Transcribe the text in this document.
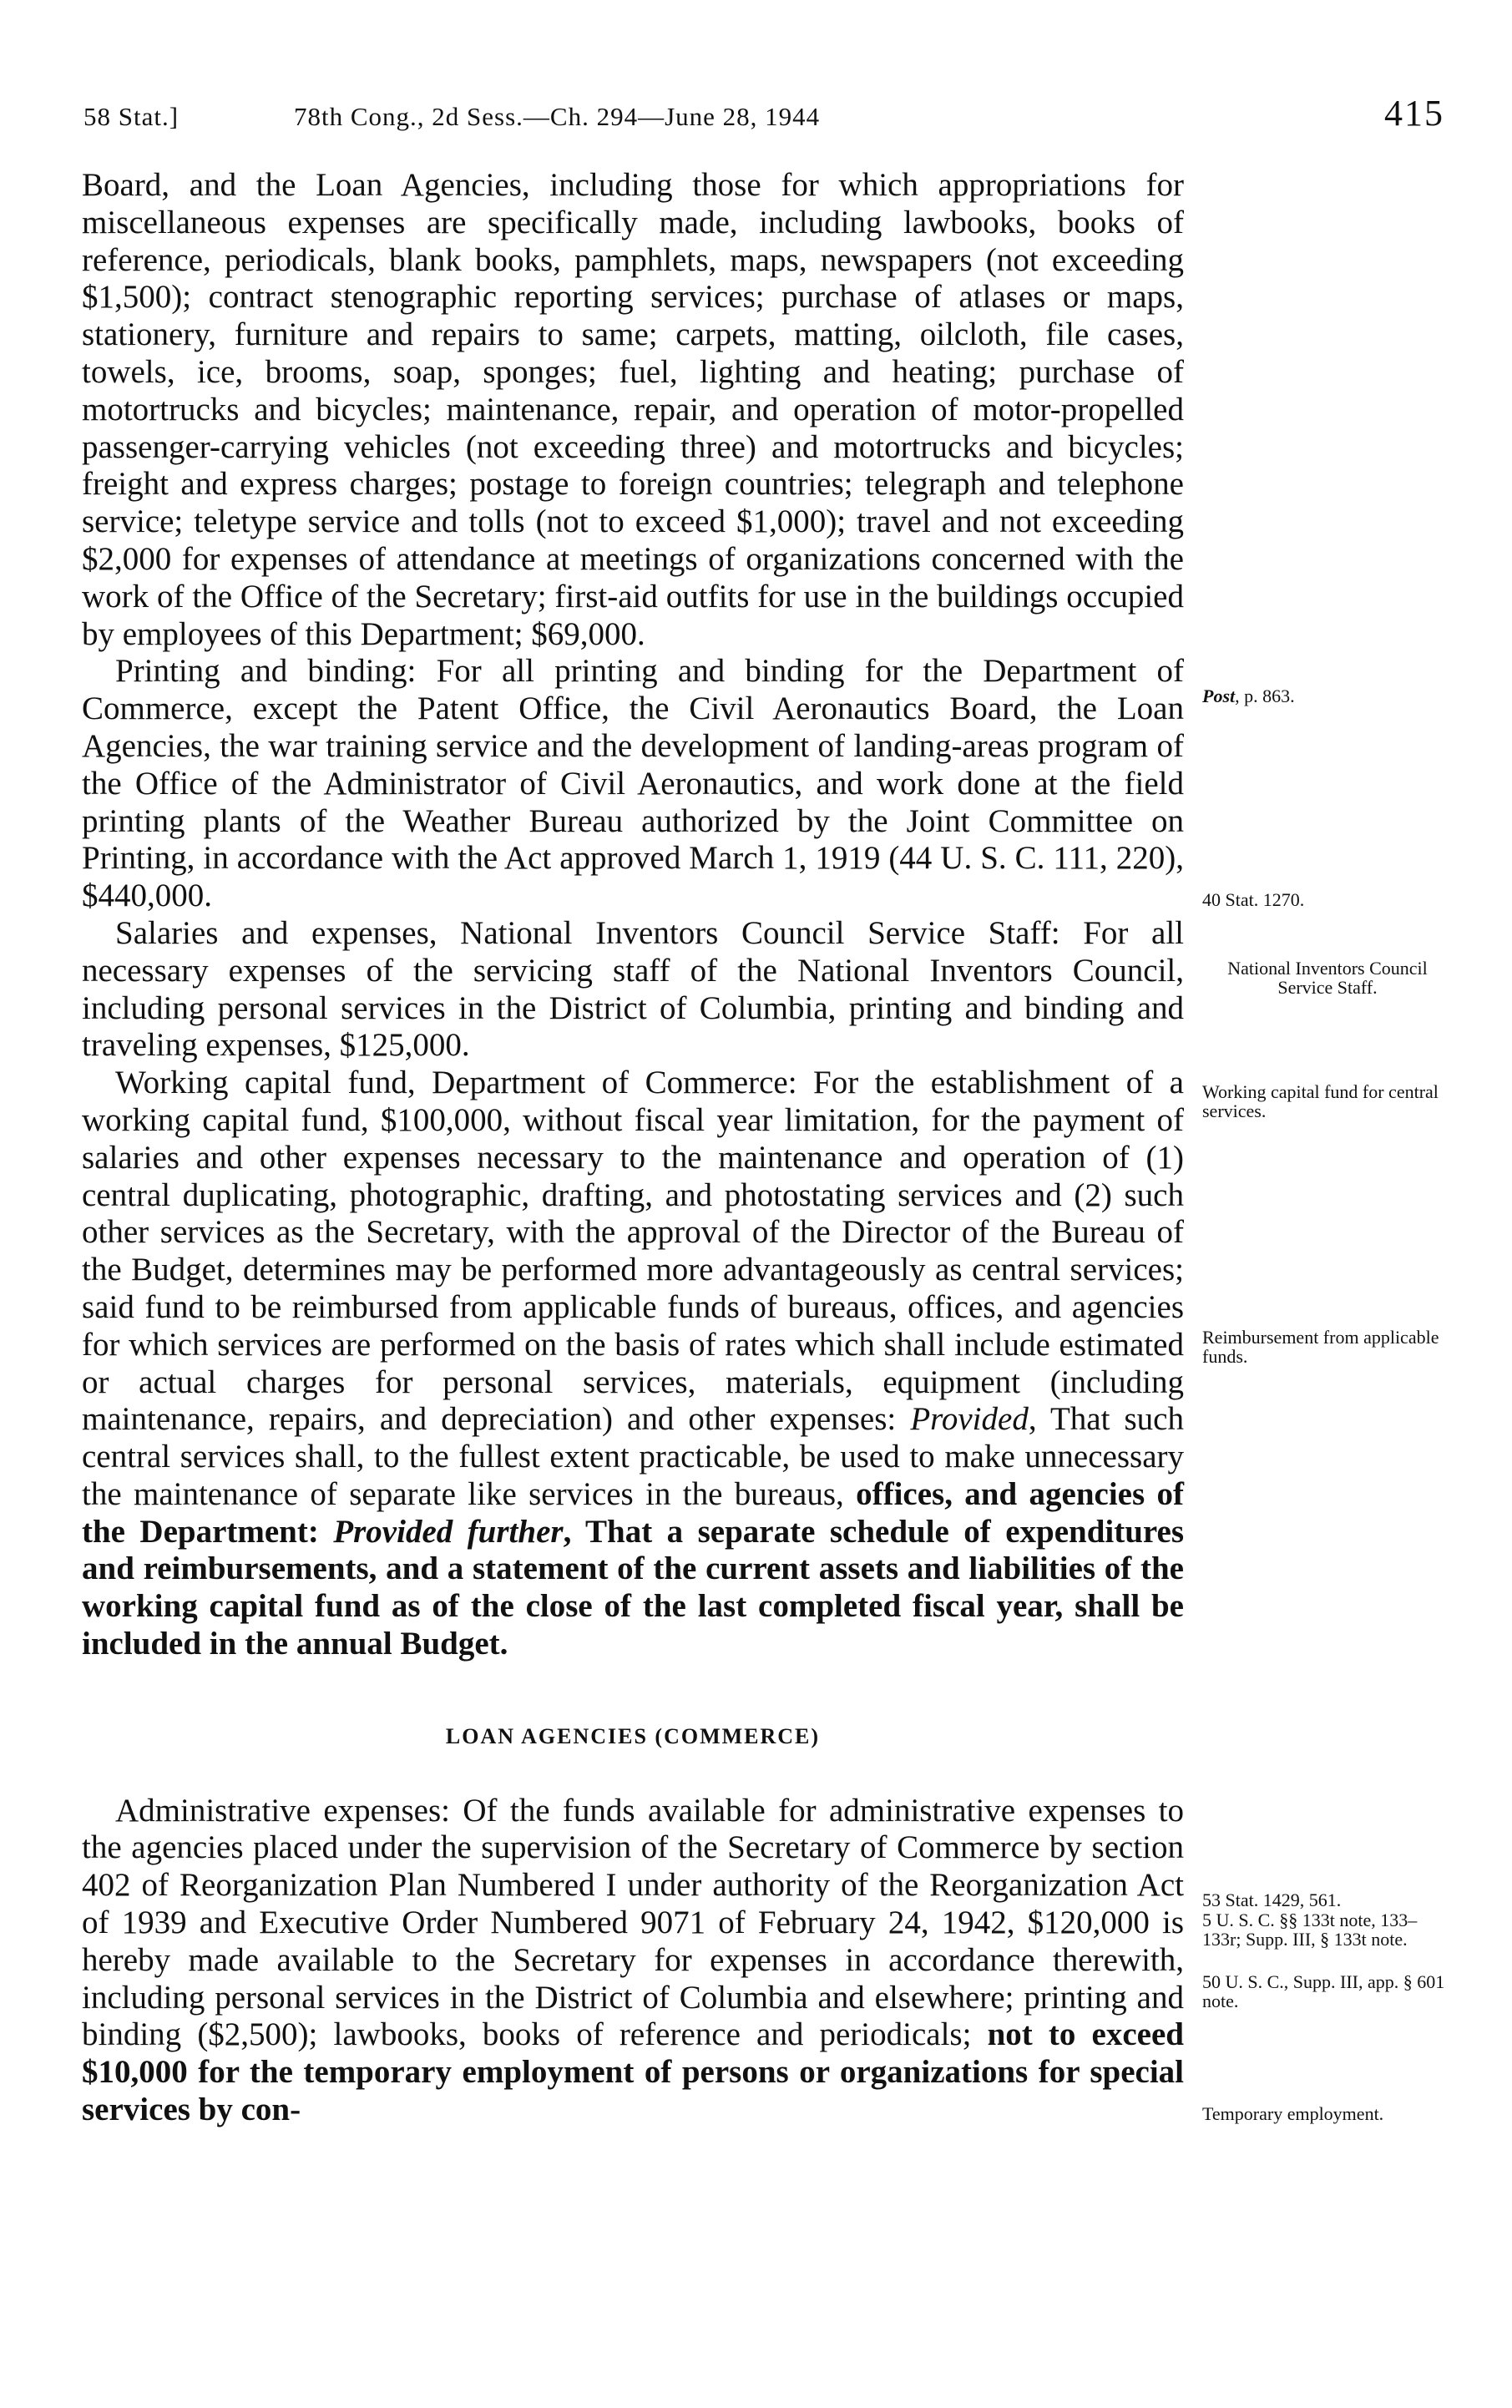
58 Stat.]	78th Cong., 2d Sess.—Ch. 294—June 28, 1944	415

Board, and the Loan Agencies, including those for which appropriations for miscellaneous expenses are specifically made, including lawbooks, books of reference, periodicals, blank books, pamphlets, maps, newspapers (not exceeding $1,500); contract stenographic reporting services; purchase of atlases or maps, stationery, furniture and repairs to same; carpets, matting, oilcloth, file cases, towels, ice, brooms, soap, sponges; fuel, lighting and heating; purchase of motortrucks and bicycles; maintenance, repair, and operation of motor-propelled passenger-carrying vehicles (not exceeding three) and motortrucks and bicycles; freight and express charges; postage to foreign countries; telegraph and telephone service; teletype service and tolls (not to exceed $1,000); travel and not exceeding $2,000 for expenses of attendance at meetings of organizations concerned with the work of the Office of the Secretary; first-aid outfits for use in the buildings occupied by employees of this Department; $69,000.

Printing and binding: For all printing and binding for the Department of Commerce, except the Patent Office, the Civil Aeronautics Board, the Loan Agencies, the war training service and the development of landing-areas program of the Office of the Administrator of Civil Aeronautics, and work done at the field printing plants of the Weather Bureau authorized by the Joint Committee on Printing, in accordance with the Act approved March 1, 1919 (44 U. S. C. 111, 220), $440,000.

Salaries and expenses, National Inventors Council Service Staff: For all necessary expenses of the servicing staff of the National Inventors Council, including personal services in the District of Columbia, printing and binding and traveling expenses, $125,000.

Working capital fund, Department of Commerce: For the establishment of a working capital fund, $100,000, without fiscal year limitation, for the payment of salaries and other expenses necessary to the maintenance and operation of (1) central duplicating, photographic, drafting, and photostating services and (2) such other services as the Secretary, with the approval of the Director of the Bureau of the Budget, determines may be performed more advantageously as central services; said fund to be reimbursed from applicable funds of bureaus, offices, and agencies for which services are performed on the basis of rates which shall include estimated or actual charges for personal services, materials, equipment (including maintenance, repairs, and depreciation) and other expenses: Provided, That such central services shall, to the fullest extent practicable, be used to make unnecessary the maintenance of separate like services in the bureaus, offices, and agencies of the Department: Provided further, That a separate schedule of expenditures and reimbursements, and a statement of the current assets and liabilities of the working capital fund as of the close of the last completed fiscal year, shall be included in the annual Budget.

LOAN AGENCIES (COMMERCE)

Administrative expenses: Of the funds available for administrative expenses to the agencies placed under the supervision of the Secretary of Commerce by section 402 of Reorganization Plan Numbered I under authority of the Reorganization Act of 1939 and Executive Order Numbered 9071 of February 24, 1942, $120,000 is hereby made available to the Secretary for expenses in accordance therewith, including personal services in the District of Columbia and elsewhere; printing and binding ($2,500); lawbooks, books of reference and periodicals; not to exceed $10,000 for the temporary employment of persons or organizations for special services by con-

Post, p. 863.
40 Stat. 1270.
National Inventors Council Service Staff.
Working capital fund for central services.
Reimbursement from applicable funds.
53 Stat. 1429, 561.
5 U. S. C. §§ 133t note, 133–133r; Supp. III, § 133t note.
50 U. S. C., Supp. III, app. § 601 note.
Temporary employment.
